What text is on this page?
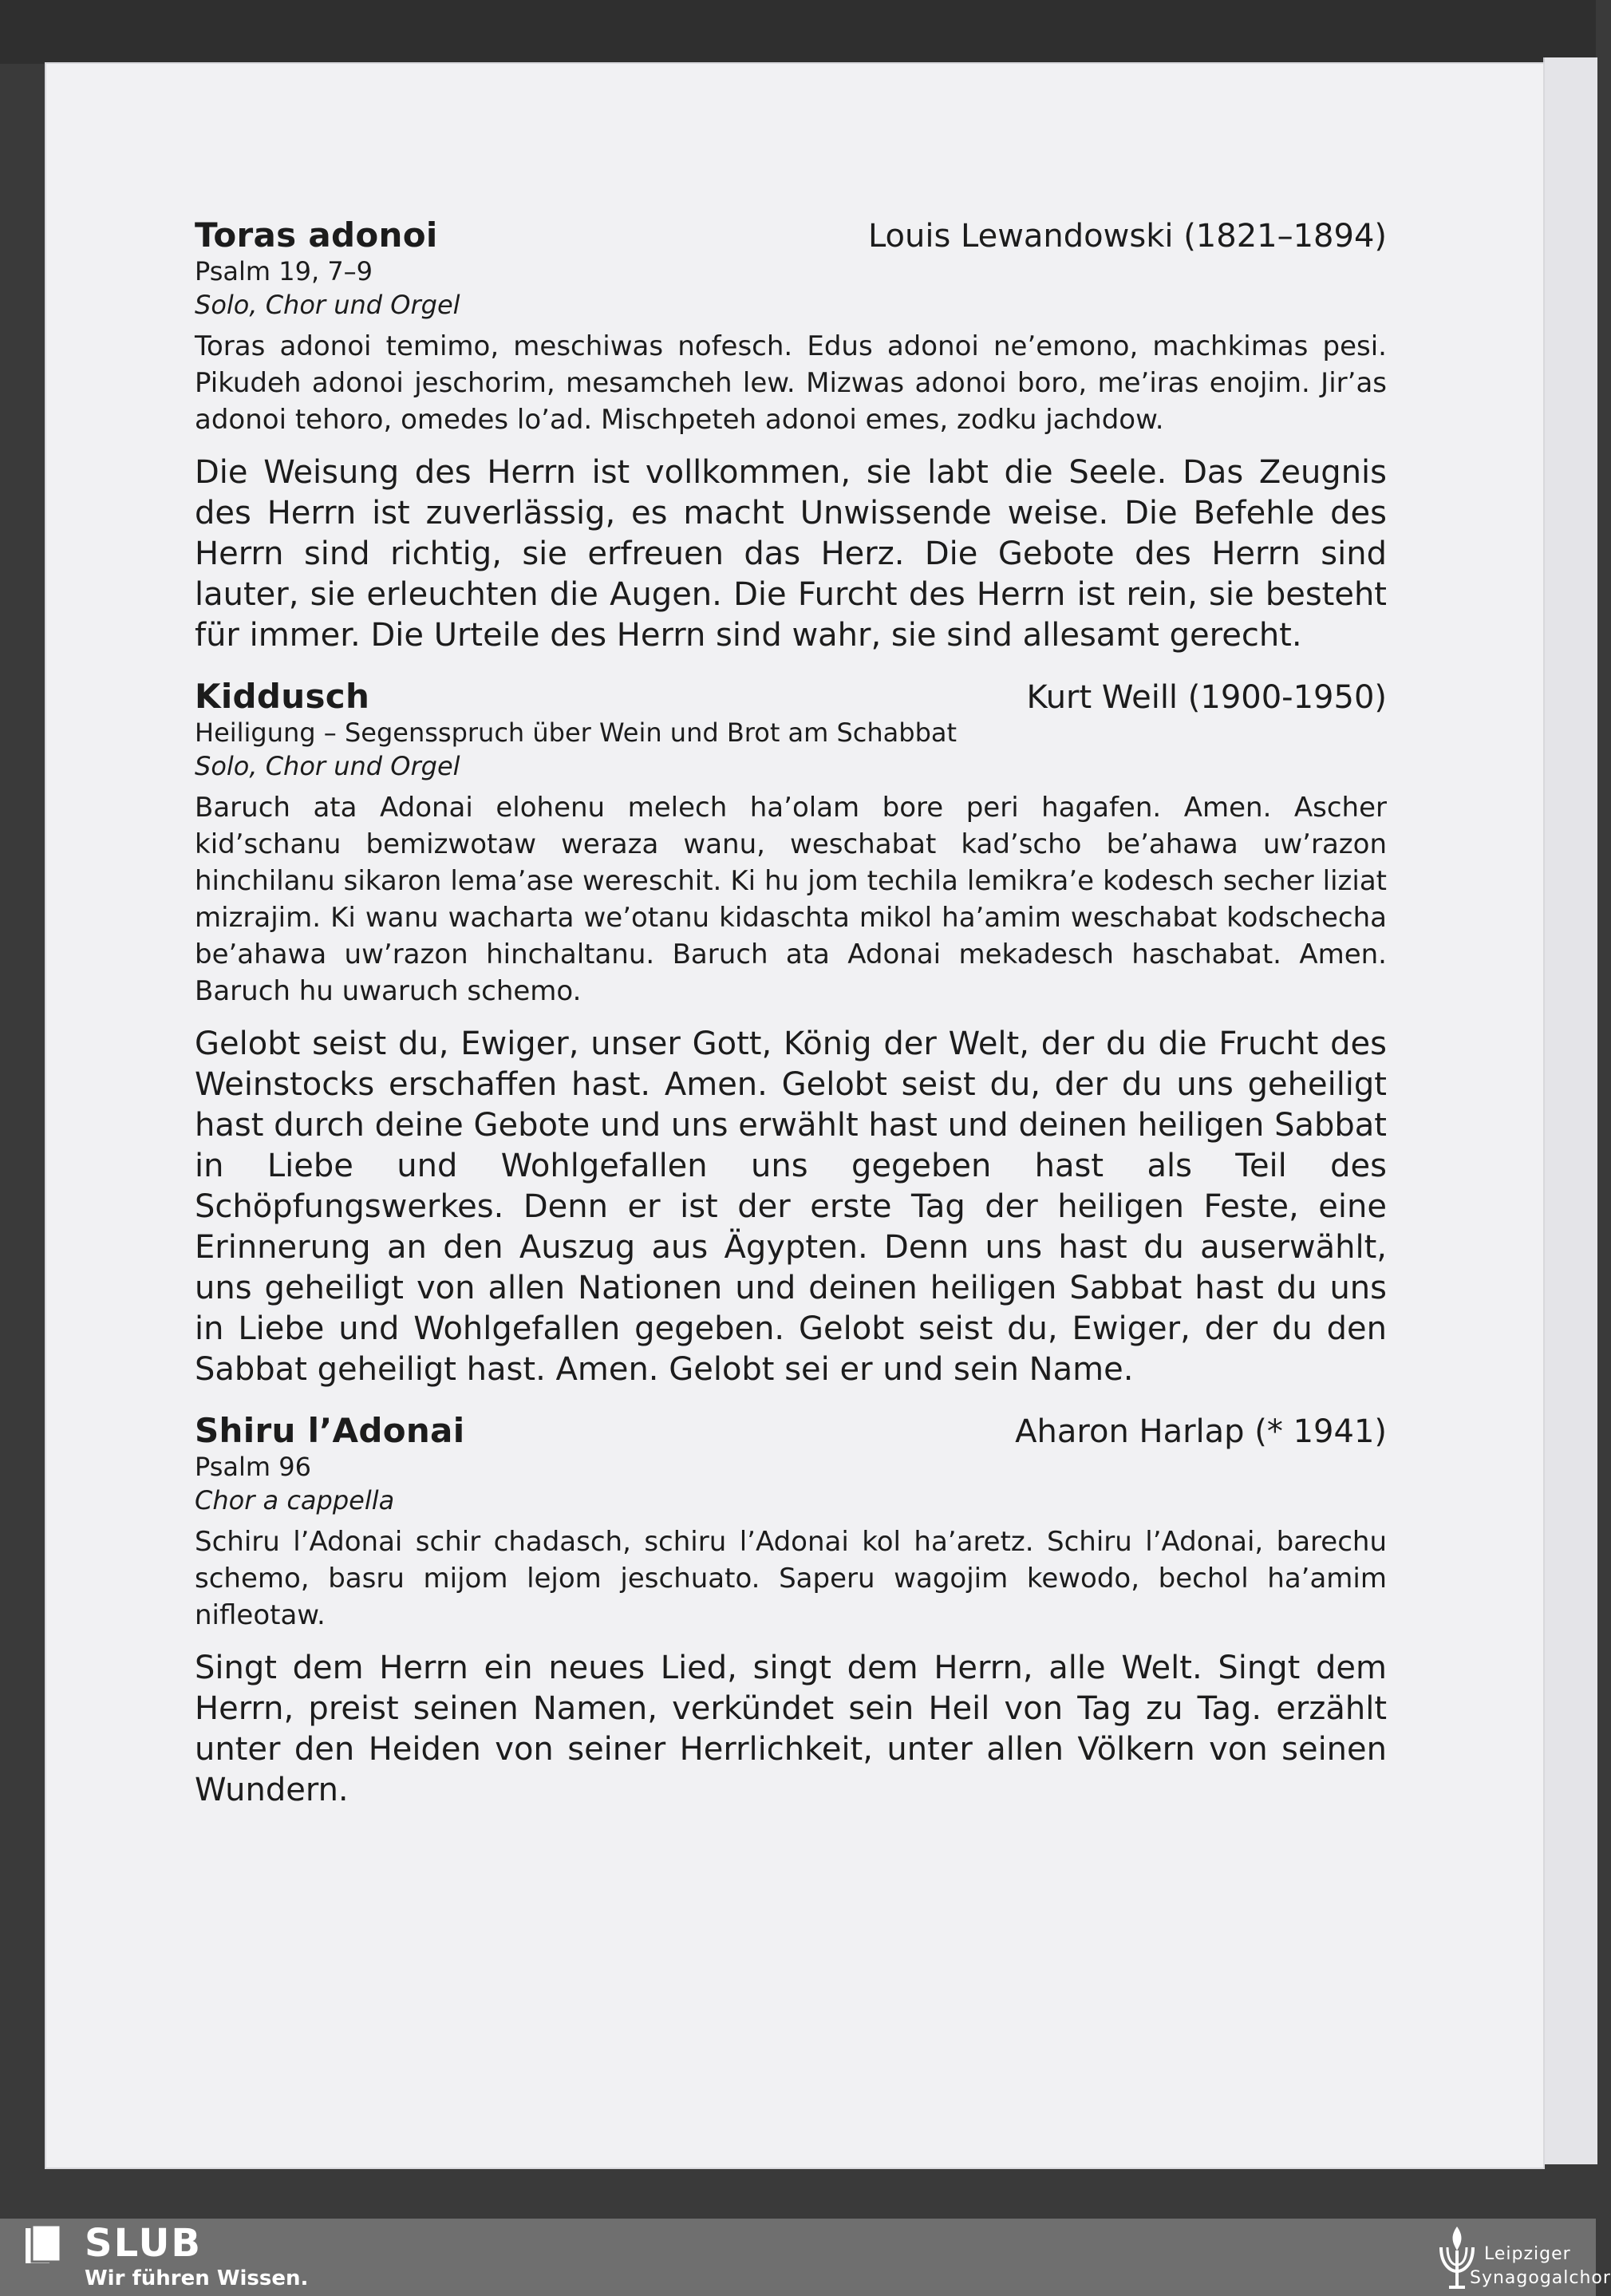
Toras adonoi	Louis Lewandowski (1821–1894)
Psalm 19, 7–9
Solo, Chor und Orgel

Toras adonoi temimo, meschiwas nofesch. Edus adonoi ne’emono, machkimas pesi. Pikudeh adonoi jeschorim, mesamcheh lew. Mizwas adonoi boro, me’iras enojim. Jir’as adonoi tehoro, omedes lo’ad. Mischpeteh adonoi emes, zodku jachdow.

Die Weisung des Herrn ist vollkommen, sie labt die Seele. Das Zeugnis des Herrn ist zuverlässig, es macht Unwissende weise. Die Befehle des Herrn sind richtig, sie erfreuen das Herz. Die Gebote des Herrn sind lauter, sie erleuchten die Augen. Die Furcht des Herrn ist rein, sie besteht für immer. Die Urteile des Herrn sind wahr, sie sind allesamt gerecht.

Kiddusch	Kurt Weill (1900-1950)
Heiligung – Segensspruch über Wein und Brot am Schabbat
Solo, Chor und Orgel

Baruch ata Adonai elohenu melech ha’olam bore peri hagafen. Amen. Ascher kid’schanu bemizwotaw weraza wanu, weschabat kad’scho be’ahawa uw’razon hinchilanu sikaron lema’ase wereschit. Ki hu jom techila lemikra’e kodesch secher liziat mizrajim. Ki wanu wacharta we’otanu kidaschta mikol ha’amim weschabat kodschecha be’ahawa uw’razon hinchaltanu. Baruch ata Adonai mekadesch haschabat. Amen. Baruch hu uwaruch schemo.

Gelobt seist du, Ewiger, unser Gott, König der Welt, der du die Frucht des Weinstocks erschaffen hast. Amen. Gelobt seist du, der du uns geheiligt hast durch deine Gebote und uns erwählt hast und deinen heiligen Sabbat in Liebe und Wohlgefallen uns gegeben hast als Teil des Schöpfungswerkes. Denn er ist der erste Tag der heiligen Feste, eine Erinnerung an den Auszug aus Ägypten. Denn uns hast du auserwählt, uns geheiligt von allen Nationen und deinen heiligen Sabbat hast du uns in Liebe und Wohlgefallen gegeben. Gelobt seist du, Ewiger, der du den Sabbat geheiligt hast. Amen. Gelobt sei er und sein Name.

Shiru l’Adonai	Aharon Harlap (* 1941)
Psalm 96
Chor a cappella

Schiru l’Adonai schir chadasch, schiru l’Adonai kol ha’aretz. Schiru l’Adonai, barechu schemo, basru mijom lejom jeschuato. Saperu wagojim kewodo, bechol ha’amim nifleotaw.

Singt dem Herrn ein neues Lied, singt dem Herrn, alle Welt. Singt dem Herrn, preist seinen Namen, verkündet sein Heil von Tag zu Tag. erzählt unter den Heiden von seiner Herrlichkeit, unter allen Völkern von seinen Wundern.

SLUB
Wir führen Wissen.
Leipziger
Synagogalchor
